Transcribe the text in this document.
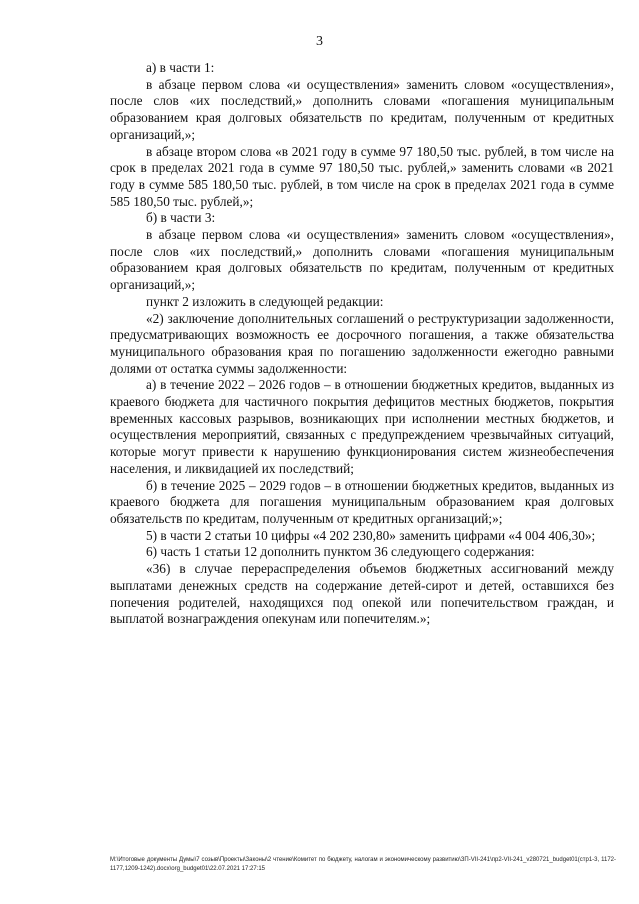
3

а) в части 1:

в абзаце первом слова «и осуществления» заменить словом «осуществления», после слов «их последствий,» дополнить словами «погашения муниципальным образованием края долговых обязательств по кредитам, полученным от кредитных организаций,»;

в абзаце втором слова «в 2021 году в сумме 97 180,50 тыс. рублей, в том числе на срок в пределах 2021 года в сумме 97 180,50 тыс. рублей,» заменить словами «в 2021 году в сумме 585 180,50 тыс. рублей, в том числе на срок в пределах 2021 года в сумме 585 180,50 тыс. рублей,»;

б) в части 3:

в абзаце первом слова «и осуществления» заменить словом «осуществления», после слов «их последствий,» дополнить словами «погашения муниципальным образованием края долговых обязательств по кредитам, полученным от кредитных организаций,»;

пункт 2 изложить в следующей редакции:

«2) заключение дополнительных соглашений о реструктуризации задолженности, предусматривающих возможность ее досрочного погашения, а также обязательства муниципального образования края по погашению задолженности ежегодно равными долями от остатка суммы задолженности:

а) в течение 2022 – 2026 годов – в отношении бюджетных кредитов, выданных из краевого бюджета для частичного покрытия дефицитов местных бюджетов, покрытия временных кассовых разрывов, возникающих при исполнении местных бюджетов, и осуществления мероприятий, связанных с предупреждением чрезвычайных ситуаций, которые могут привести к нарушению функционирования систем жизнеобеспечения населения, и ликвидацией их последствий;

б) в течение 2025 – 2029 годов – в отношении бюджетных кредитов, выданных из краевого бюджета для погашения муниципальным образованием края долговых обязательств по кредитам, полученным от кредитных организаций;»;

5) в части 2 статьи 10 цифры «4 202 230,80» заменить цифрами «4 004 406,30»;

6) часть 1 статьи 12 дополнить пунктом 36 следующего содержания:

«36) в случае перераспределения объемов бюджетных ассигнований между выплатами денежных средств на содержание детей-сирот и детей, оставшихся без попечения родителей, находящихся под опекой или попечительством граждан, и выплатой вознаграждения опекунам или попечителям.»;

М:\Итоговые документы Думы\7 созыв\Проекты\Законы\2 чтение\Комитет по бюджету, налогам и экономическому развитию\ЗП-VII-241\пр2-VII-241_v280721_budget01(стр1-3, 1172-1177,1209-1242).docx\org_budget01\22.07.2021 17:27:15
